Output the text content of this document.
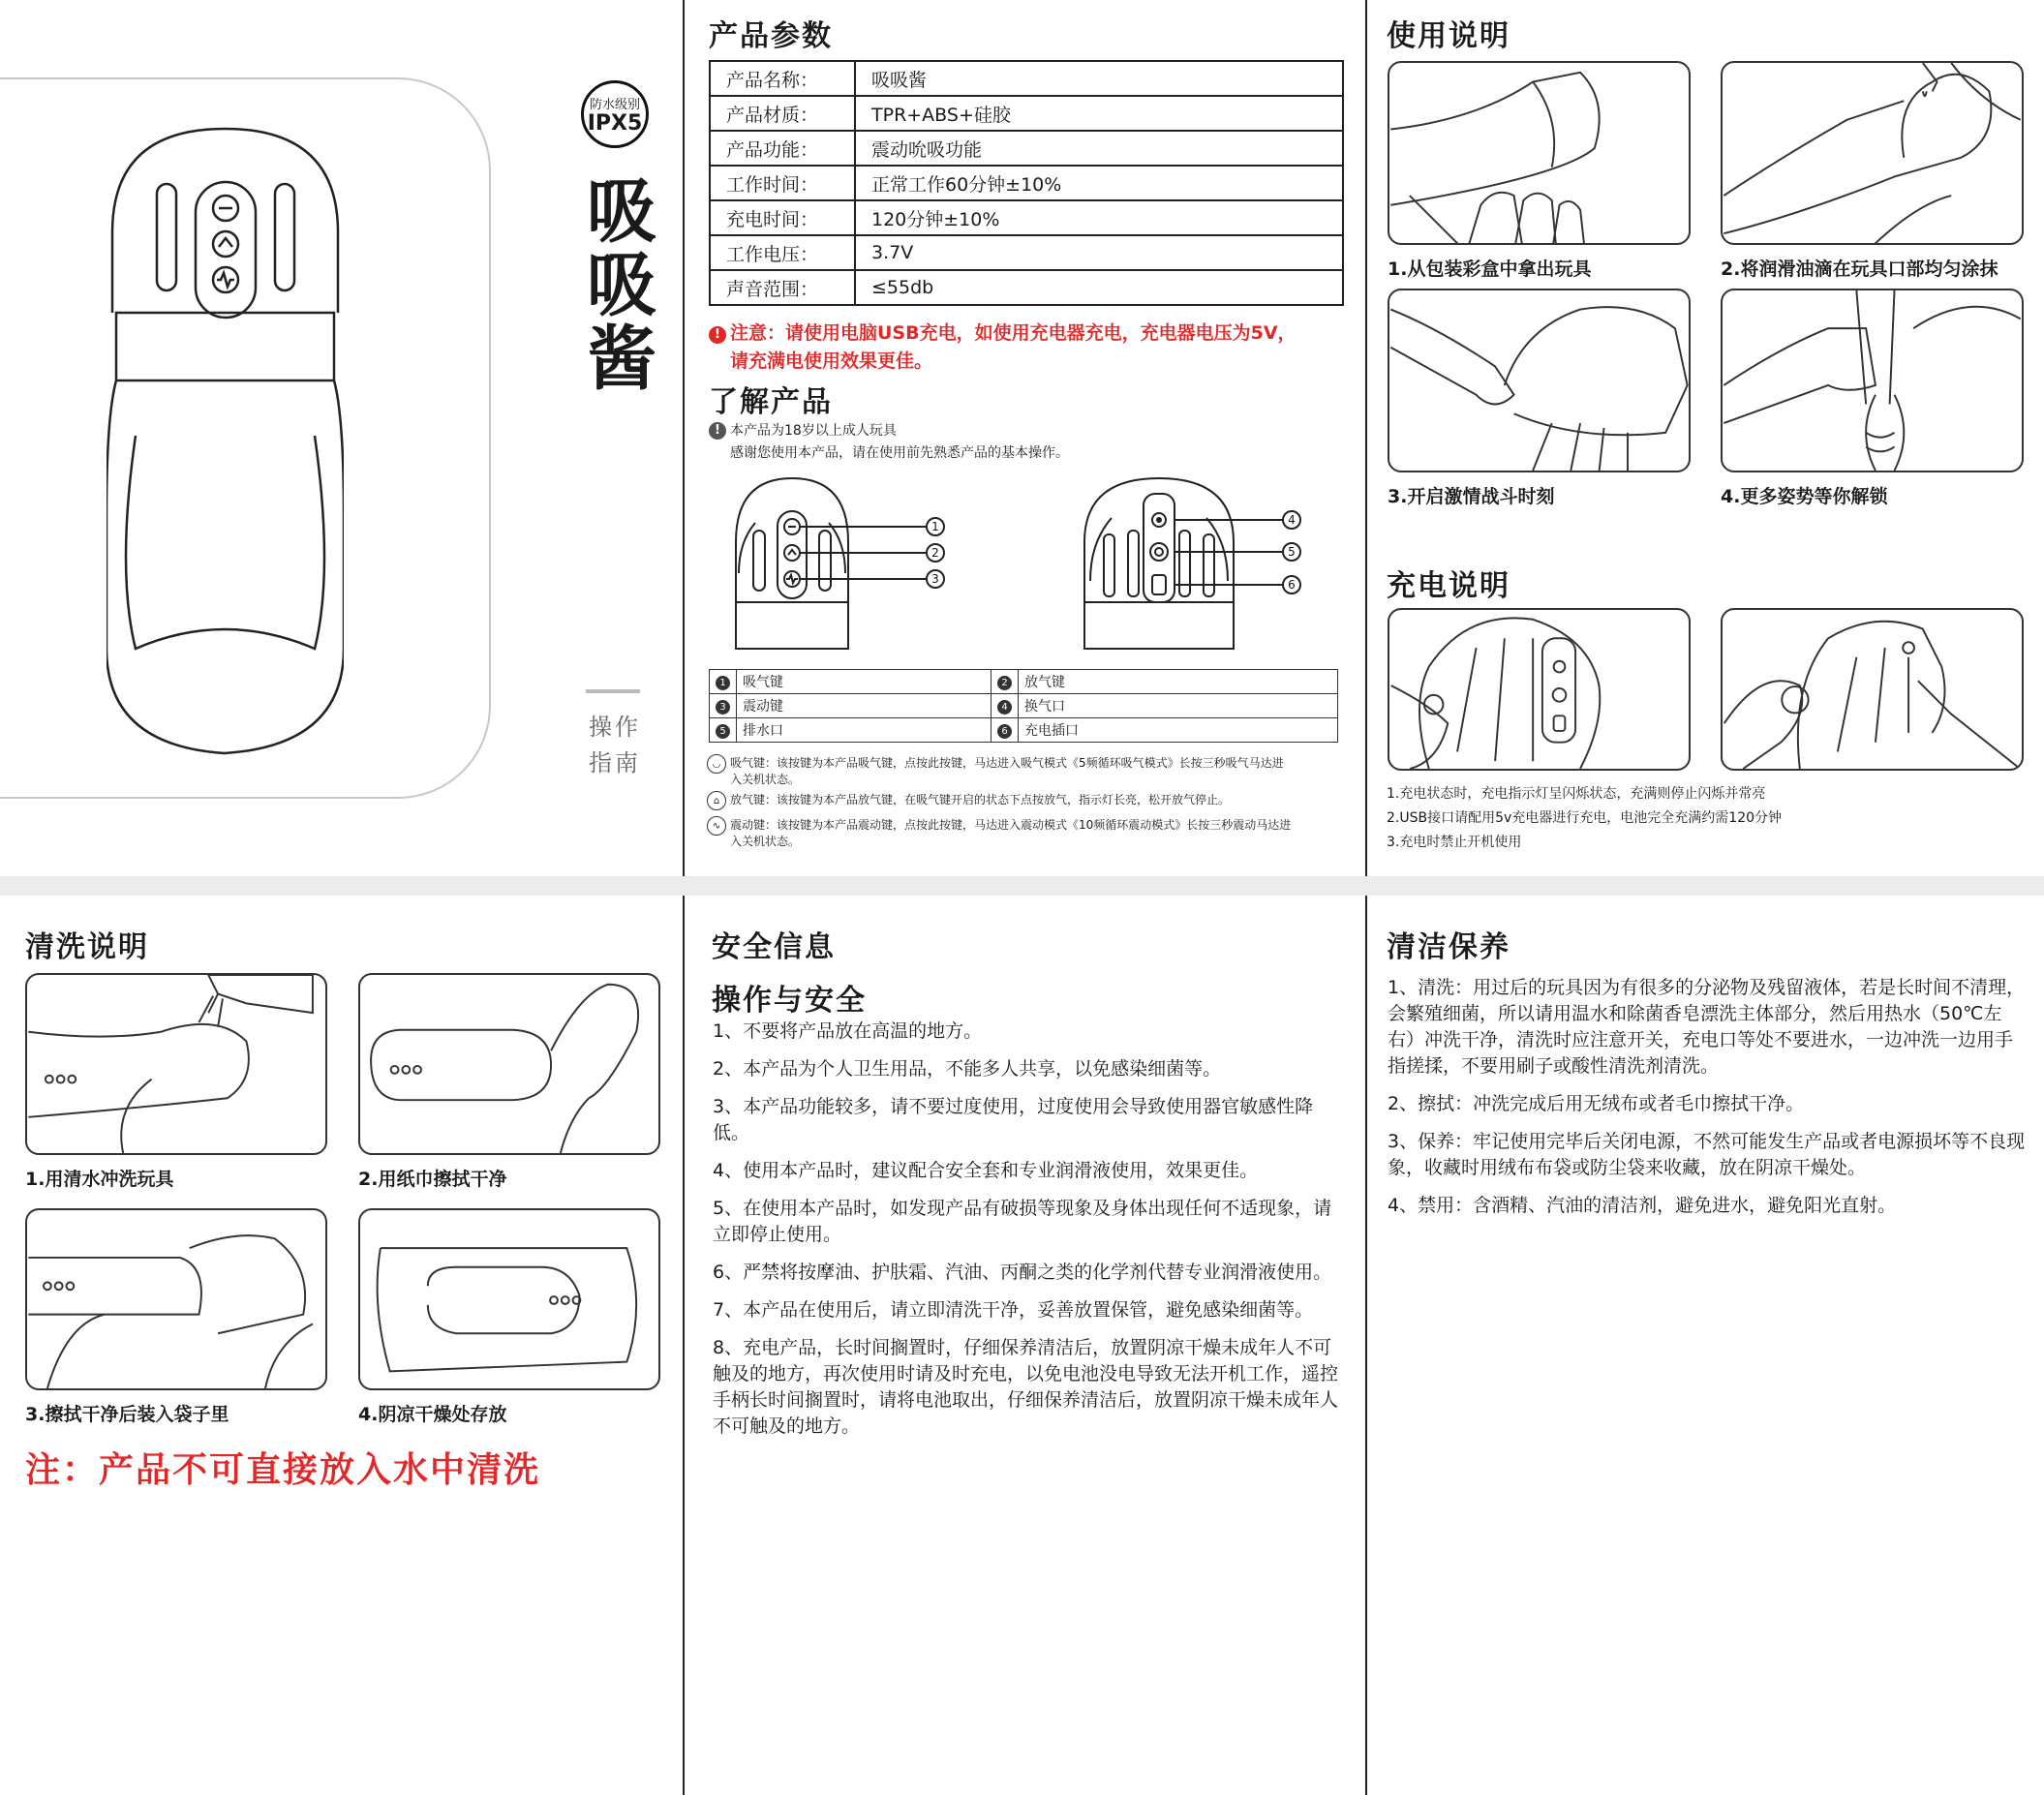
防水级别
IPX5
吸吸酱
操作指南
产品参数
产品名称：	吸吸酱
产品材质：	TPR+ABS+硅胶
产品功能：	震动吮吸功能
工作时间：	正常工作60分钟±10%
充电时间：	120分钟±10%
工作电压：	3.7V
声音范围：	≤55db
! 注意：请使用电脑USB充电，如使用充电器充电，充电器电压为5V，
请充满电使用效果更佳。
了解产品
! 本产品为18岁以上成人玩具
感谢您使用本产品，请在使用前先熟悉产品的基本操作。
1
2
3
4
5
6
1	吸气键	2	放气键
3	震动键	4	换气口
5	排水口	6	充电插口
◡ 吸气键：该按键为本产品吸气键，点按此按键，马达进入吸气模式《5频循环吸气模式》长按三秒吸气马达进
入关机状态。
⌂ 放气键：该按键为本产品放气键，在吸气键开启的状态下点按放气，指示灯长亮，松开放气停止。
∿ 震动键：该按键为本产品震动键，点按此按键，马达进入震动模式《10频循环震动模式》长按三秒震动马达进
入关机状态。
使用说明
1.从包装彩盒中拿出玩具	2.将润滑油滴在玩具口部均匀涂抹
3.开启激情战斗时刻	4.更多姿势等你解锁
充电说明
1.充电状态时，充电指示灯呈闪烁状态，充满则停止闪烁并常亮
2.USB接口请配用5v充电器进行充电，电池完全充满约需120分钟
3.充电时禁止开机使用
清洗说明
1.用清水冲洗玩具	2.用纸巾擦拭干净
3.擦拭干净后装入袋子里	4.阴凉干燥处存放
注：产品不可直接放入水中清洗
安全信息
操作与安全

1、不要将产品放在高温的地方。

2、本产品为个人卫生用品，不能多人共享，以免感染细菌等。

3、本产品功能较多，请不要过度使用，过度使用会导致使用器官敏感性降低。

4、使用本产品时，建议配合安全套和专业润滑液使用，效果更佳。

5、在使用本产品时，如发现产品有破损等现象及身体出现任何不适现象，请立即停止使用。

6、严禁将按摩油、护肤霜、汽油、丙酮之类的化学剂代替专业润滑液使用。

7、本产品在使用后，请立即清洗干净，妥善放置保管，避免感染细菌等。

8、充电产品，长时间搁置时，仔细保养清洁后，放置阴凉干燥未成年人不可触及的地方，再次使用时请及时充电，以免电池没电导致无法开机工作，遥控手柄长时间搁置时，请将电池取出，仔细保养清洁后，放置阴凉干燥未成年人不可触及的地方。

清洁保养

1、清洗：用过后的玩具因为有很多的分泌物及残留液体，若是长时间不清理，会繁殖细菌，所以请用温水和除菌香皂漂洗主体部分，然后用热水（50℃左右）冲洗干净，清洗时应注意开关，充电口等处不要进水，一边冲洗一边用手指搓揉，不要用刷子或酸性清洗剂清洗。

2、擦拭：冲洗完成后用无绒布或者毛巾擦拭干净。

3、保养：牢记使用完毕后关闭电源，不然可能发生产品或者电源损坏等不良现象，收藏时用绒布布袋或防尘袋来收藏，放在阴凉干燥处。

4、禁用：含酒精、汽油的清洁剂，避免进水，避免阳光直射。
